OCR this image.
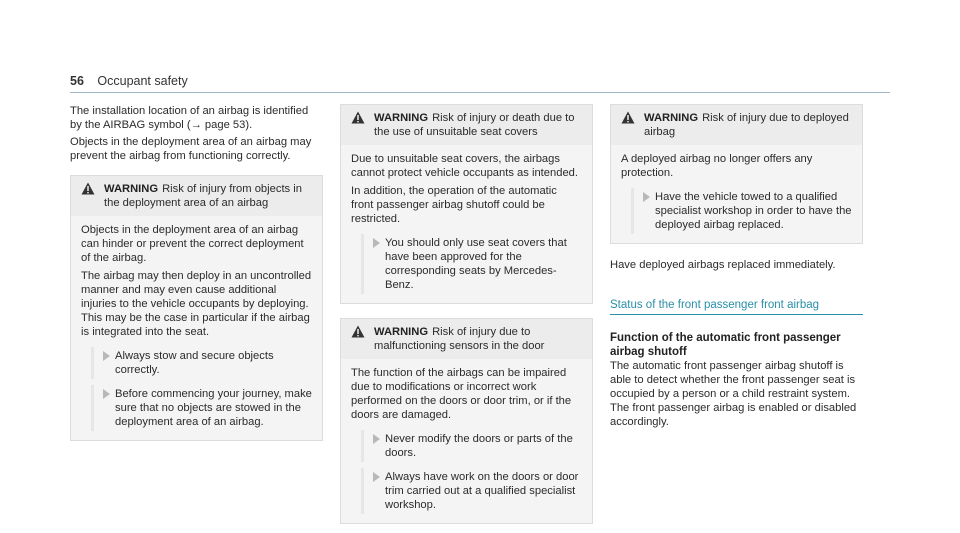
56 Occupant safety

The installation location of an airbag is identified by the AIRBAG symbol (→ page 53).

Objects in the deployment area of an airbag may prevent the airbag from functioning correctly.

WARNING Risk of injury from objects in the deployment area of an airbag

Objects in the deployment area of an airbag can hinder or prevent the correct deployment of the airbag.

The airbag may then deploy in an uncontrolled manner and may even cause additional injuries to the vehicle occupants by deploying. This may be the case in particular if the airbag is integrated into the seat.

Always stow and secure objects correctly.
Before commencing your journey, make sure that no objects are stowed in the deployment area of an airbag.
WARNING Risk of injury or death due to the use of unsuitable seat covers

Due to unsuitable seat covers, the airbags cannot protect vehicle occupants as intended.

In addition, the operation of the automatic front passenger airbag shutoff could be restricted.

You should only use seat covers that have been approved for the corresponding seats by Mercedes-Benz.
WARNING Risk of injury due to malfunctioning sensors in the door

The function of the airbags can be impaired due to modifications or incorrect work performed on the doors or door trim, or if the doors are damaged.

Never modify the doors or parts of the doors.
Always have work on the doors or door trim carried out at a qualified specialist workshop.
WARNING Risk of injury due to deployed airbag

A deployed airbag no longer offers any protection.

Have the vehicle towed to a qualified specialist workshop in order to have the deployed airbag replaced.

Have deployed airbags replaced immediately.

Status of the front passenger front airbag
Function of the automatic front passenger airbag shutoff

The automatic front passenger airbag shutoff is able to detect whether the front passenger seat is occupied by a person or a child restraint system. The front passenger airbag is enabled or disabled accordingly.
